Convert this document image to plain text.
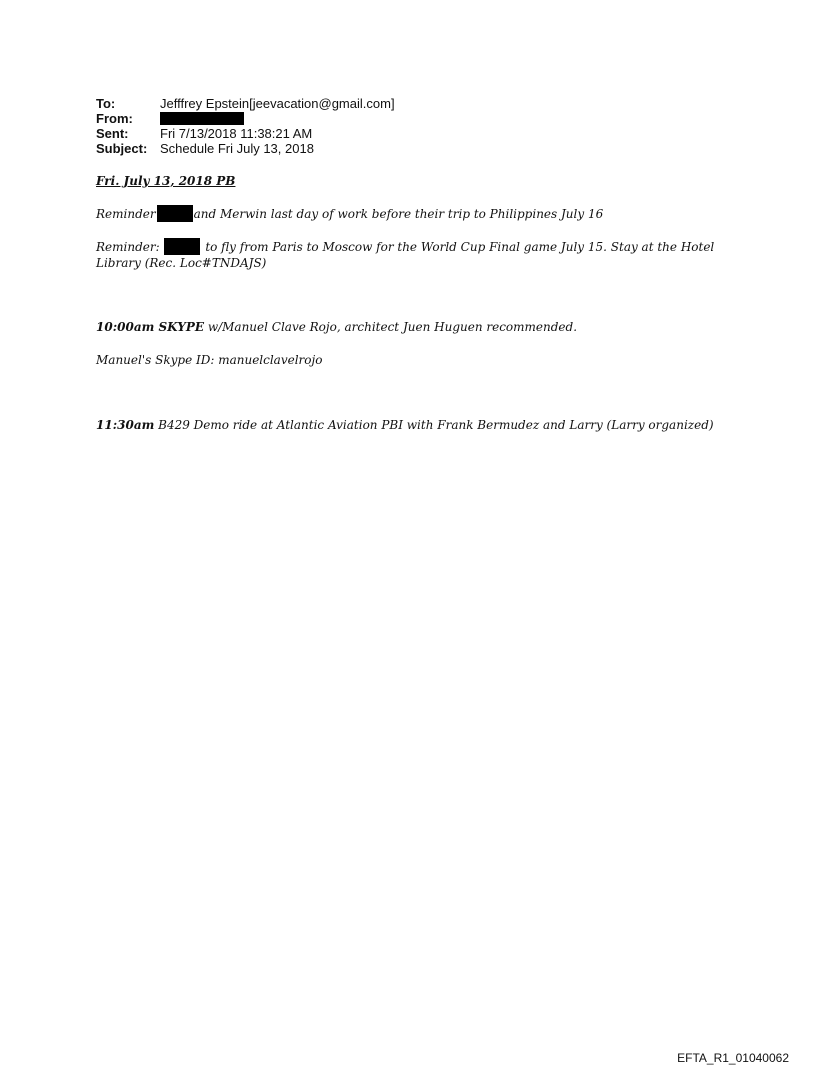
To:	Jefffrey Epstein[jeevacation@gmail.com]
From:
Sent:	Fri 7/13/2018 11:38:21 AM
Subject: Schedule Fri July 13, 2018
Fri. July 13, 2018 PB
Reminder	and Merwin last day of work before their trip to Philippines July 16
Reminder:	to fly from Paris to Moscow for the World Cup Final game July 15. Stay at the Hotel
Library (Rec. Loc#TNDAJS)
10:00am SKYPE w/Manuel Clave Rojo, architect Juen Huguen recommended.
Manuel's Skype ID: manuelclavelrojo
11:30am B429 Demo ride at Atlantic Aviation PBI with Frank Bermudez and Larry (Larry organized)
EFTA_R1_01040062
